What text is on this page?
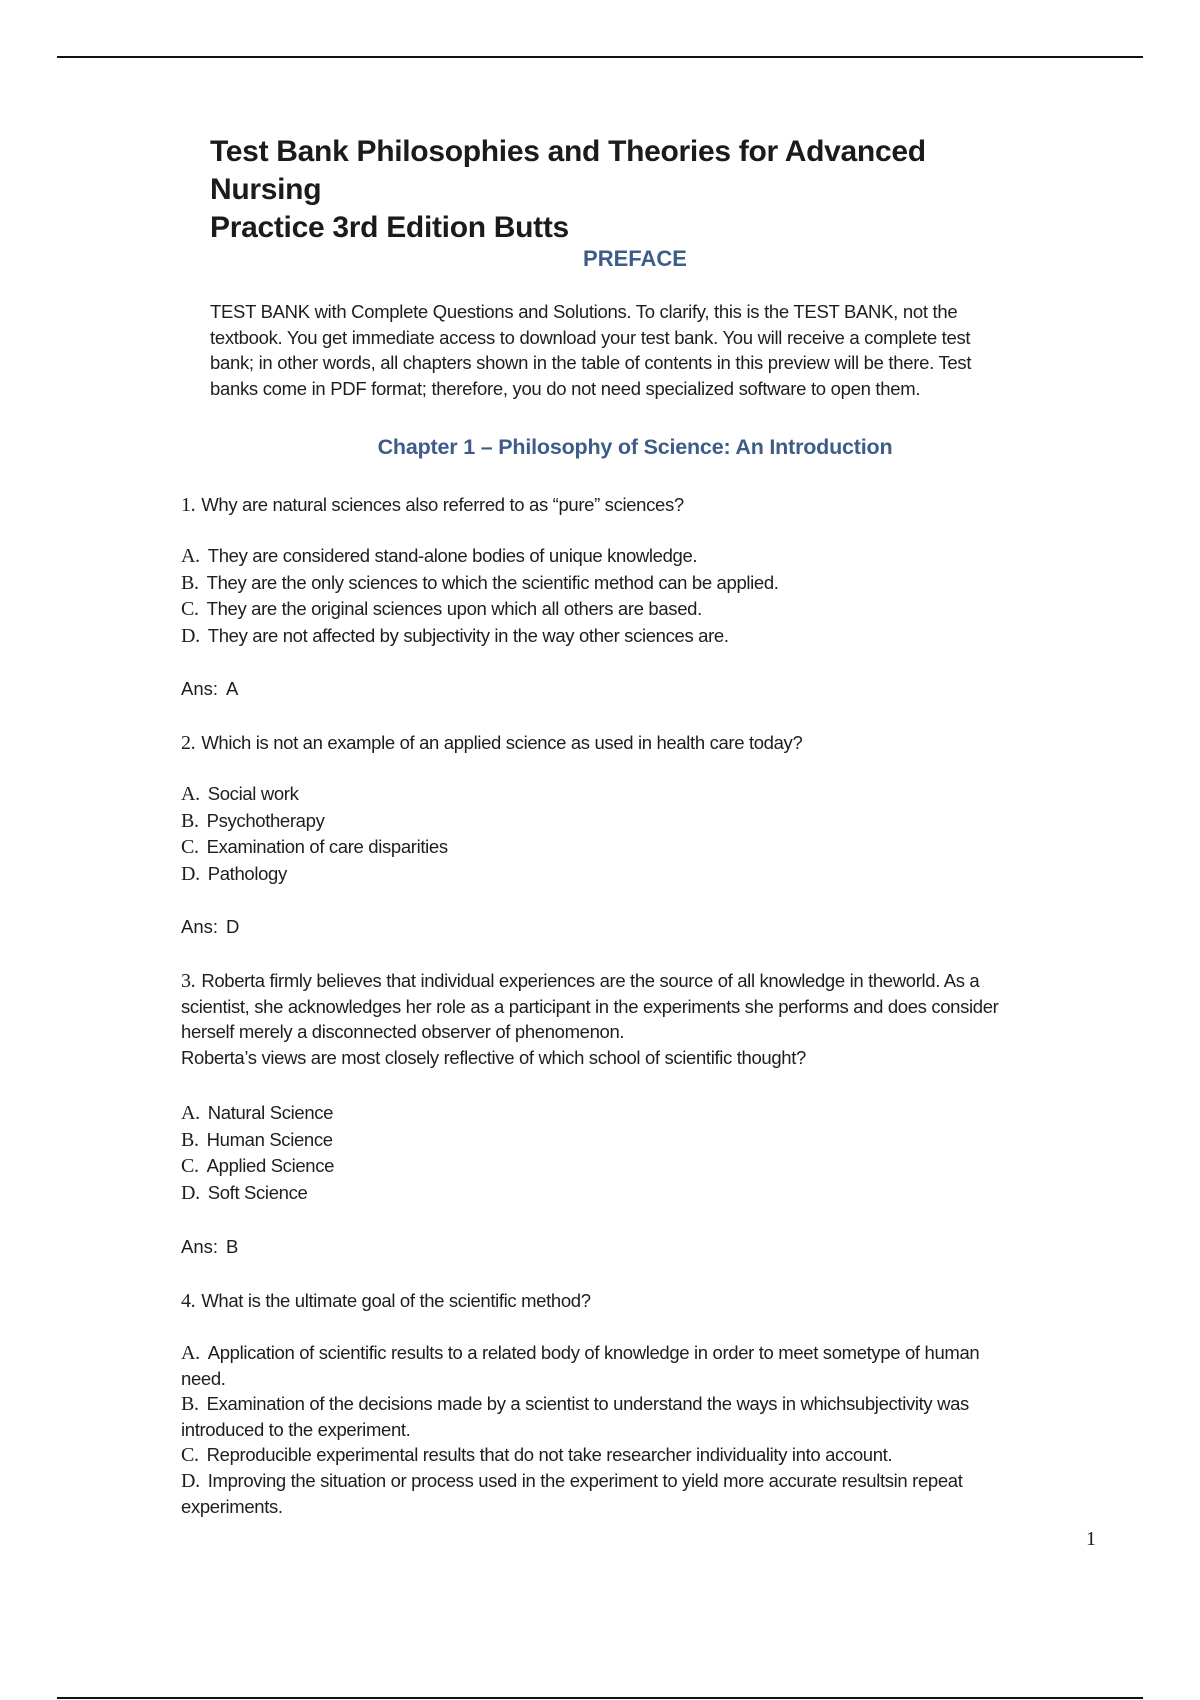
Test Bank Philosophies and Theories for Advanced Nursing
Practice 3rd Edition Butts
PREFACE
TEST BANK with Complete Questions and Solutions. To clarify, this is the TEST BANK, not the textbook. You get immediate access to download your test bank. You will receive a complete test bank; in other words, all chapters shown in the table of contents in this preview will be there. Test banks come in PDF format; therefore, you do not need specialized software to open them.
Chapter 1 – Philosophy of Science: An Introduction
1. Why are natural sciences also referred to as “pure” sciences?
A. They are considered stand-alone bodies of unique knowledge.
B. They are the only sciences to which the scientific method can be applied.
C. They are the original sciences upon which all others are based.
D. They are not affected by subjectivity in the way other sciences are.
Ans: A
2. Which is not an example of an applied science as used in health care today?
A. Social work
B. Psychotherapy
C. Examination of care disparities
D. Pathology
Ans: D
3. Roberta firmly believes that individual experiences are the source of all knowledge in theworld. As a scientist, she acknowledges her role as a participant in the experiments she performs and does consider herself merely a disconnected observer of phenomenon.
Roberta’s views are most closely reflective of which school of scientific thought?
A. Natural Science
B. Human Science
C. Applied Science
D. Soft Science
Ans: B
4. What is the ultimate goal of the scientific method?
A. Application of scientific results to a related body of knowledge in order to meet sometype of human need.
B. Examination of the decisions made by a scientist to understand the ways in whichsubjectivity was introduced to the experiment.
C. Reproducible experimental results that do not take researcher individuality into account.
D. Improving the situation or process used in the experiment to yield more accurate resultsin repeat experiments.
1
